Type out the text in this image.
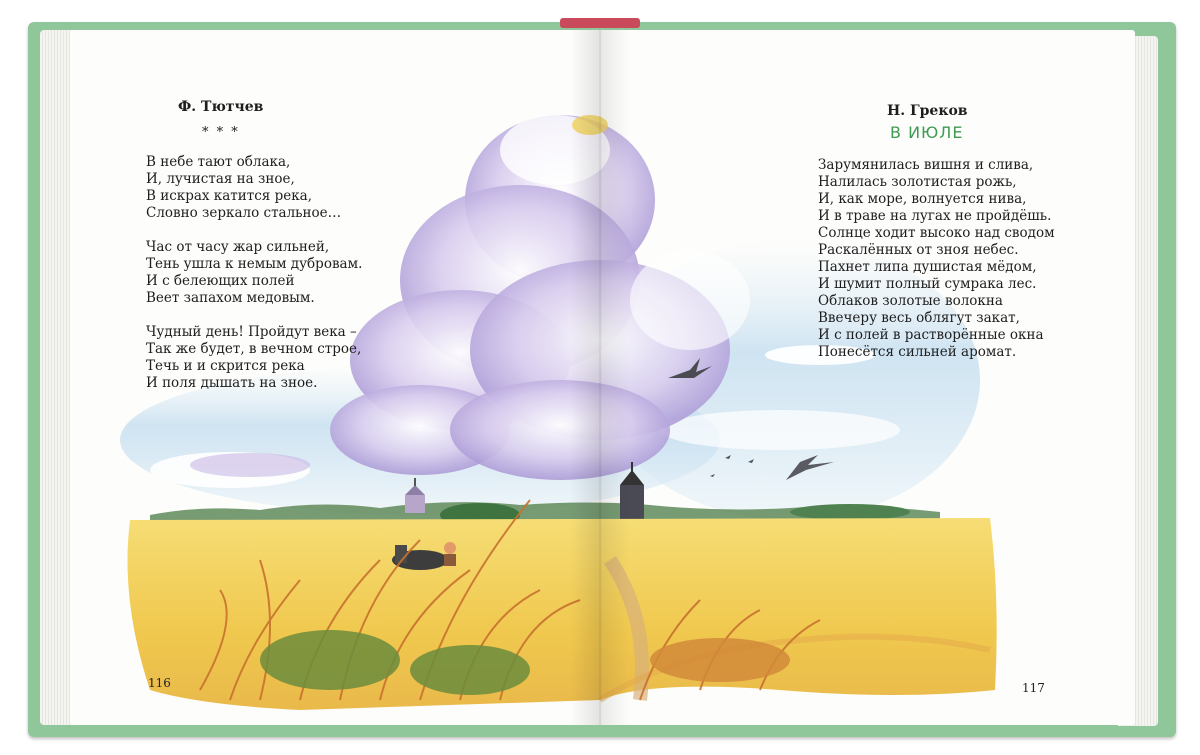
Ф. Тютчев
* * *
В небе тают облака,
И, лучистая на зное,
В искрах катится река,
Словно зеркало стальное…
Час от часу жар сильней,
Тень ушла к немым дубровам.
И с белеющих полей
Веет запахом медовым.
Чудный день! Пройдут века –
Так же будет, в вечном строе,
Течь и и скрится река
И поля дышать на зное.
116
Н. Греков
В ИЮЛЕ
Зарумянилась вишня и слива,
Налилась золотистая рожь,
И, как море, волнуется нива,
И в траве на лугах не пройдёшь.
Солнце ходит высоко над сводом
Раскалённых от зноя небес.
Пахнет липа душистая мёдом,
И шумит полный сумрака лес.
Облаков золотые волокна
Ввечеру весь облягут закат,
И с полей в растворённые окна
Понесётся сильней аромат.
117
